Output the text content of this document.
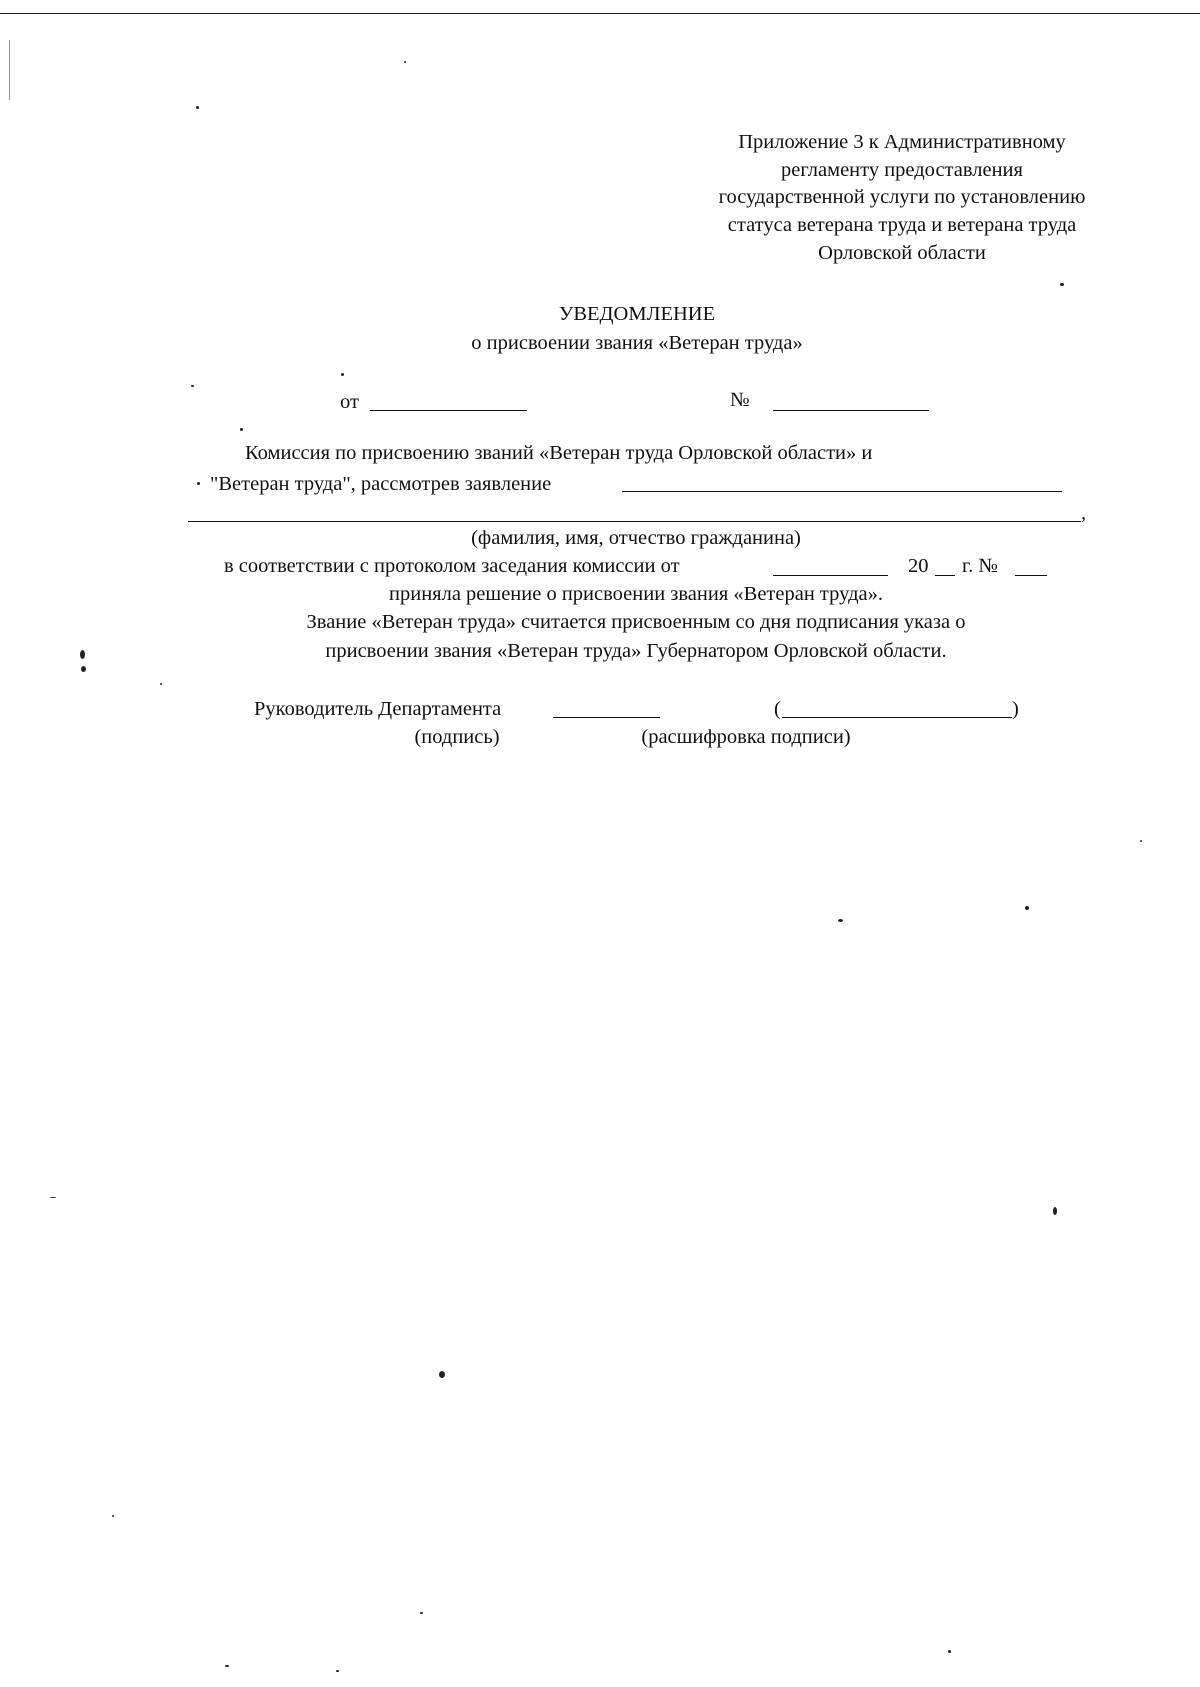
Приложение 3 к Административному
регламенту предоставления
государственной услуги по установлению
статуса ветерана труда и ветерана труда
Орловской области
УВЕДОМЛЕНИЕ
о присвоении звания «Ветеран труда»
от	№
Комиссия по присвоению званий «Ветеран труда Орловской области» и
"Ветеран труда", рассмотрев заявление
,
(фамилия, имя, отчество гражданина)
в соответствии с протоколом заседания комиссии от	20 г. №
приняла решение о присвоении звания «Ветеран труда».
Звание «Ветеран труда» считается присвоенным со дня подписания указа о
присвоении звания «Ветеран труда» Губернатором Орловской области.
Руководитель Департамента	(	)
(подпись)	(расшифровка подписи)
